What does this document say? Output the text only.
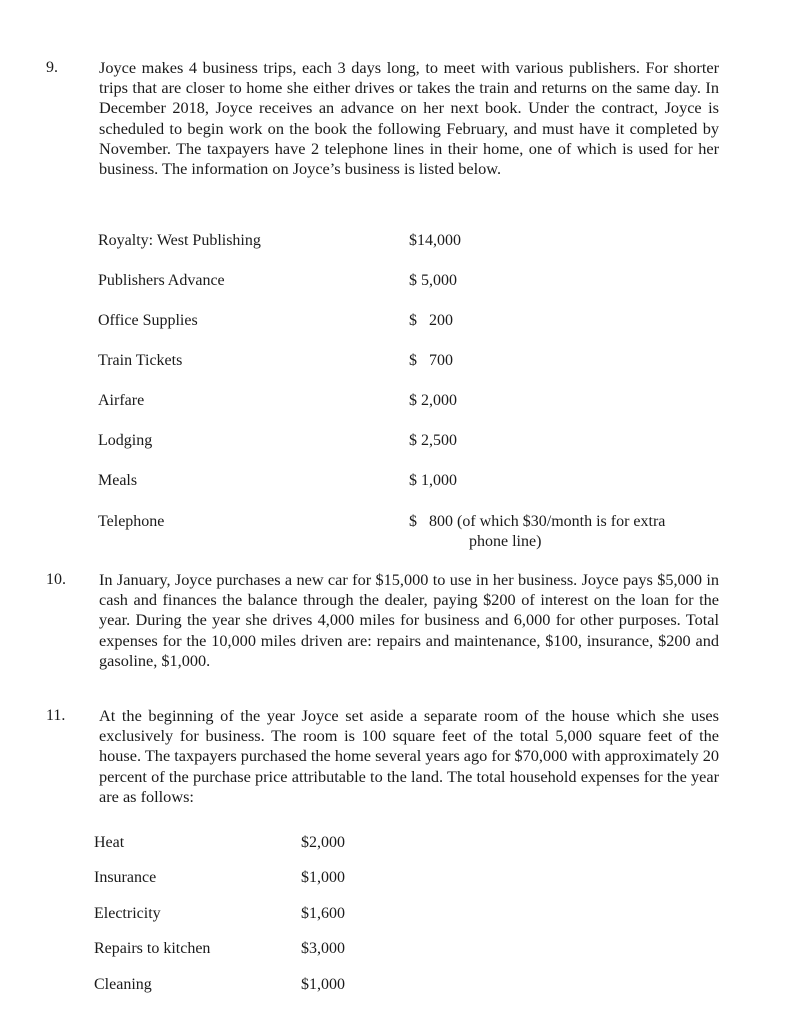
9.	Joyce makes 4 business trips, each 3 days long, to meet with various publishers. For shorter trips that are closer to home she either drives or takes the train and returns on the same day. In December 2018, Joyce receives an advance on her next book. Under the contract, Joyce is scheduled to begin work on the book the following February, and must have it completed by November. The taxpayers have 2 telephone lines in their home, one of which is used for her business. The information on Joyce’s business is listed below.

Royalty: West Publishing	$14,000
Publishers Advance	$ 5,000
Office Supplies	$   200
Train Tickets	$   700
Airfare	$ 2,000
Lodging	$ 2,500
Meals	$ 1,000
Telephone	$   800 (of which $30/month is for extra
phone line)
10. In January, Joyce purchases a new car for $15,000 to use in her business. Joyce pays $5,000 in cash and finances the balance through the dealer, paying $200 of interest on the loan for the year. During the year she drives 4,000 miles for business and 6,000 for other purposes. Total expenses for the 10,000 miles driven are: repairs and maintenance, $100, insurance, $200 and gasoline, $1,000.

11. At the beginning of the year Joyce set aside a separate room of the house which she uses exclusively for business. The room is 100 square feet of the total 5,000 square feet of the house. The taxpayers purchased the home several years ago for $70,000 with approximately 20 percent of the purchase price attributable to the land. The total household expenses for the year are as follows:

Heat	$2,000
Insurance	$1,000
Electricity	$1,600
Repairs to kitchen	$3,000
Cleaning	$1,000
